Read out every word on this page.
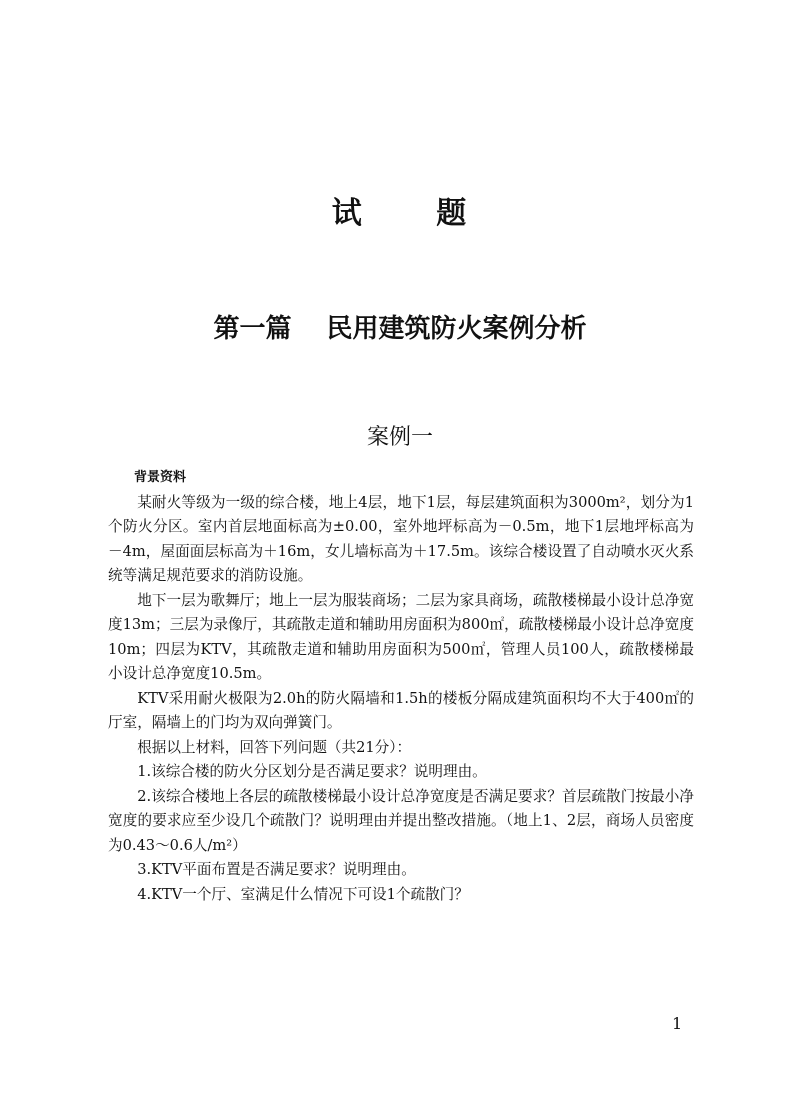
试 题
第一篇 民用建筑防火案例分析
案例一

背景资料

某耐火等级为一级的综合楼，地上4层，地下1层，每层建筑面积为3000m²，划分为1个防火分区。室内首层地面标高为±0.00，室外地坪标高为－0.5m，地下1层地坪标高为－4m，屋面面层标高为＋16m，女儿墙标高为＋17.5m。该综合楼设置了自动喷水灭火系统等满足规范要求的消防设施。

地下一层为歌舞厅；地上一层为服装商场；二层为家具商场，疏散楼梯最小设计总净宽度13m；三层为录像厅，其疏散走道和辅助用房面积为800㎡，疏散楼梯最小设计总净宽度10m；四层为KTV，其疏散走道和辅助用房面积为500㎡，管理人员100人，疏散楼梯最小设计总净宽度10.5m。

KTV采用耐火极限为2.0h的防火隔墙和1.5h的楼板分隔成建筑面积均不大于400㎡的厅室，隔墙上的门均为双向弹簧门。

根据以上材料，回答下列问题（共21分）：

1.该综合楼的防火分区划分是否满足要求？说明理由。

2.该综合楼地上各层的疏散楼梯最小设计总净宽度是否满足要求？首层疏散门按最小净宽度的要求应至少设几个疏散门？说明理由并提出整改措施。（地上1、2层，商场人员密度为0.43～0.6人/m²）

3.KTV平面布置是否满足要求？说明理由。

4.KTV一个厅、室满足什么情况下可设1个疏散门？

1
